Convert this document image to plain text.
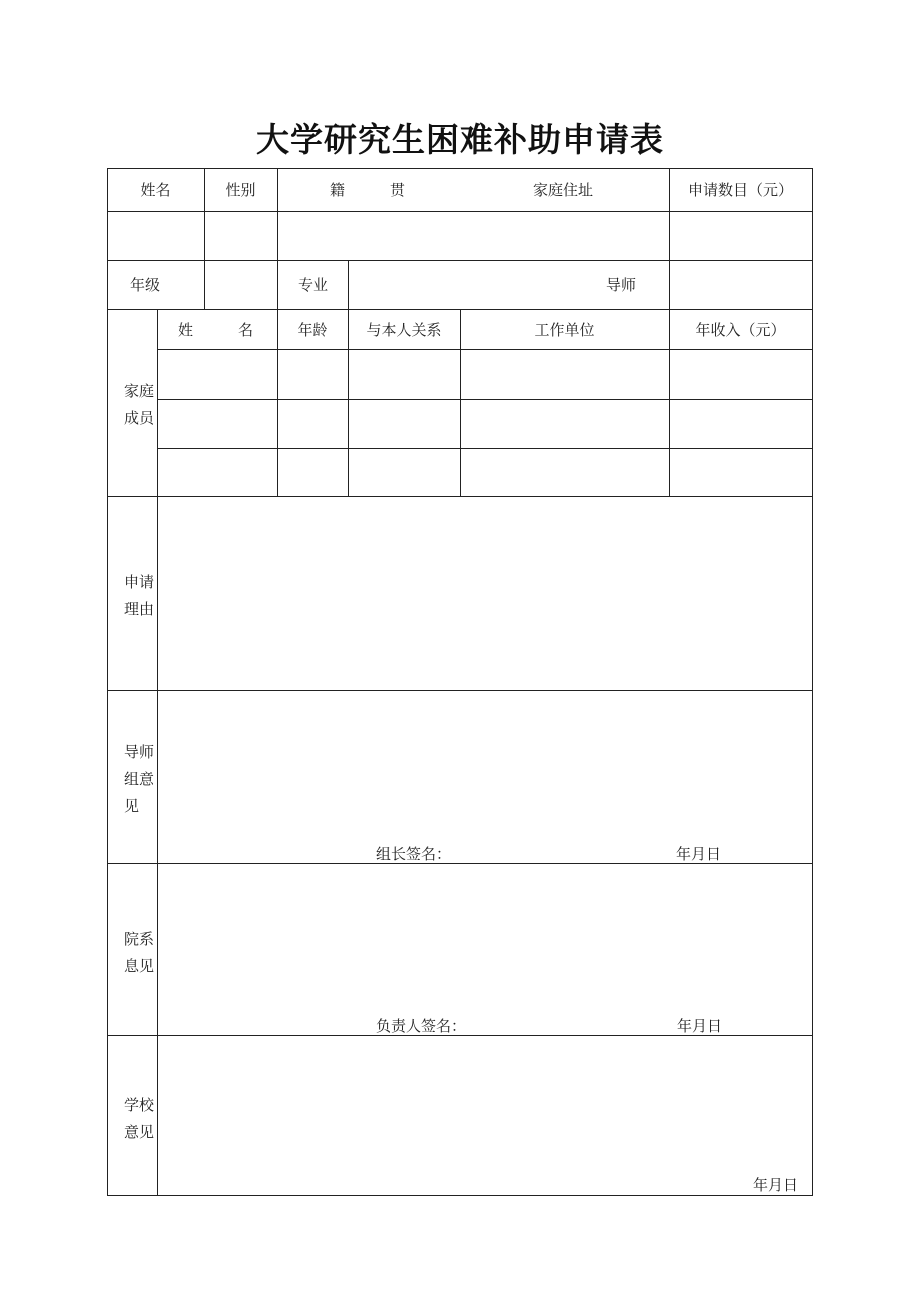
大学研究生困难补助申请表
姓名	性别	籍　　　贯	家庭住址	申请数目（元）
年级	专业	导师
家庭成员
姓　　　名	年龄	与本人关系	工作单位	年收入（元）
申请理由
导师组意见
组长签名：	年月日
院系息见
负责人签名：	年月日
学校意见
年月日
